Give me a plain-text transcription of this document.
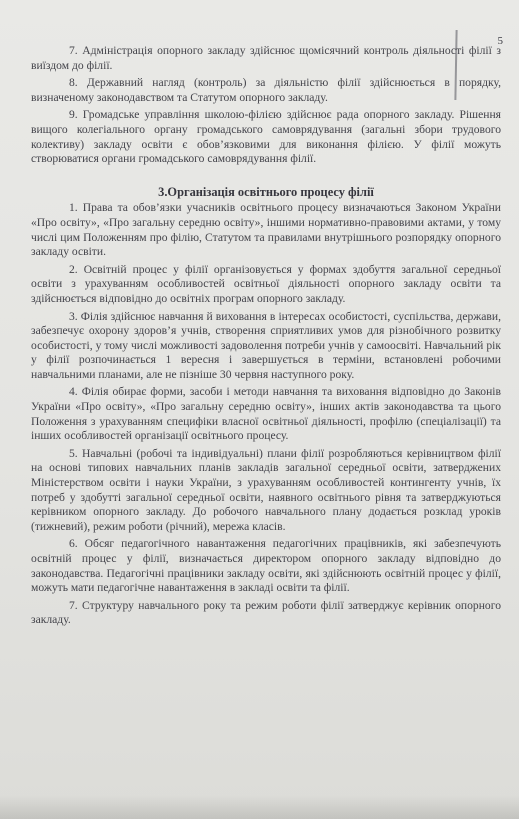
5

7. Адміністрація опорного закладу здійснює щомісячний контроль діяльності філії з виїздом до філії.

8. Державний нагляд (контроль) за діяльністю філії здійснюється в порядку, визначеному законодавством та Статутом опорного закладу.

9. Громадське управління школою-філією здійснює рада опорного закладу. Рішення вищого колегіального органу громадського самоврядування (загальні збори трудового колективу) закладу освіти є обов’язковими для виконання філією. У філії можуть створюватися органи громадського самоврядування філії.

3.Організація освітнього процесу філії

1. Права та обов’язки учасників освітнього процесу визначаються Законом України «Про освіту», «Про загальну середню освіту», іншими нормативно-правовими актами, у тому числі цим Положенням про філію, Статутом та правилами внутрішнього розпорядку опорного закладу освіти.

2. Освітній процес у філії організовується у формах здобуття загальної середньої освіти з урахуванням особливостей освітньої діяльності опорного закладу освіти та здійснюється відповідно до освітніх програм опорного закладу.

3. Філія здійснює навчання й виховання в інтересах особистості, суспільства, держави, забезпечує охорону здоров’я учнів, створення сприятливих умов для різнобічного розвитку особистості, у тому числі можливості задоволення потреби учнів у самоосвіті. Навчальний рік у філії розпочинається 1 вересня і завершується в терміни, встановлені робочими навчальними планами, але не пізніше 30 червня наступного року.

4. Філія обирає форми, засоби і методи навчання та виховання відповідно до Законів України «Про освіту», «Про загальну середню освіту», інших актів законодавства та цього Положення з урахуванням специфіки власної освітньої діяльності, профілю (спеціалізації) та інших особливостей організації освітнього процесу.

5. Навчальні (робочі та індивідуальні) плани філії розробляються керівництвом філії на основі типових навчальних планів закладів загальної середньої освіти, затверджених Міністерством освіти і науки України, з урахуванням особливостей контингенту учнів, їх потреб у здобутті загальної середньої освіти, наявного освітнього рівня та затверджуються керівником опорного закладу. До робочого навчального плану додається розклад уроків (тижневий), режим роботи (річний), мережа класів.

6. Обсяг педагогічного навантаження педагогічних працівників, які забезпечують освітній процес у філії, визначається директором опорного закладу відповідно до законодавства. Педагогічні працівники закладу освіти, які здійснюють освітній процес у філії, можуть мати педагогічне навантаження в закладі освіти та філії.

7. Структуру навчального року та режим роботи філії затверджує керівник опорного закладу.
